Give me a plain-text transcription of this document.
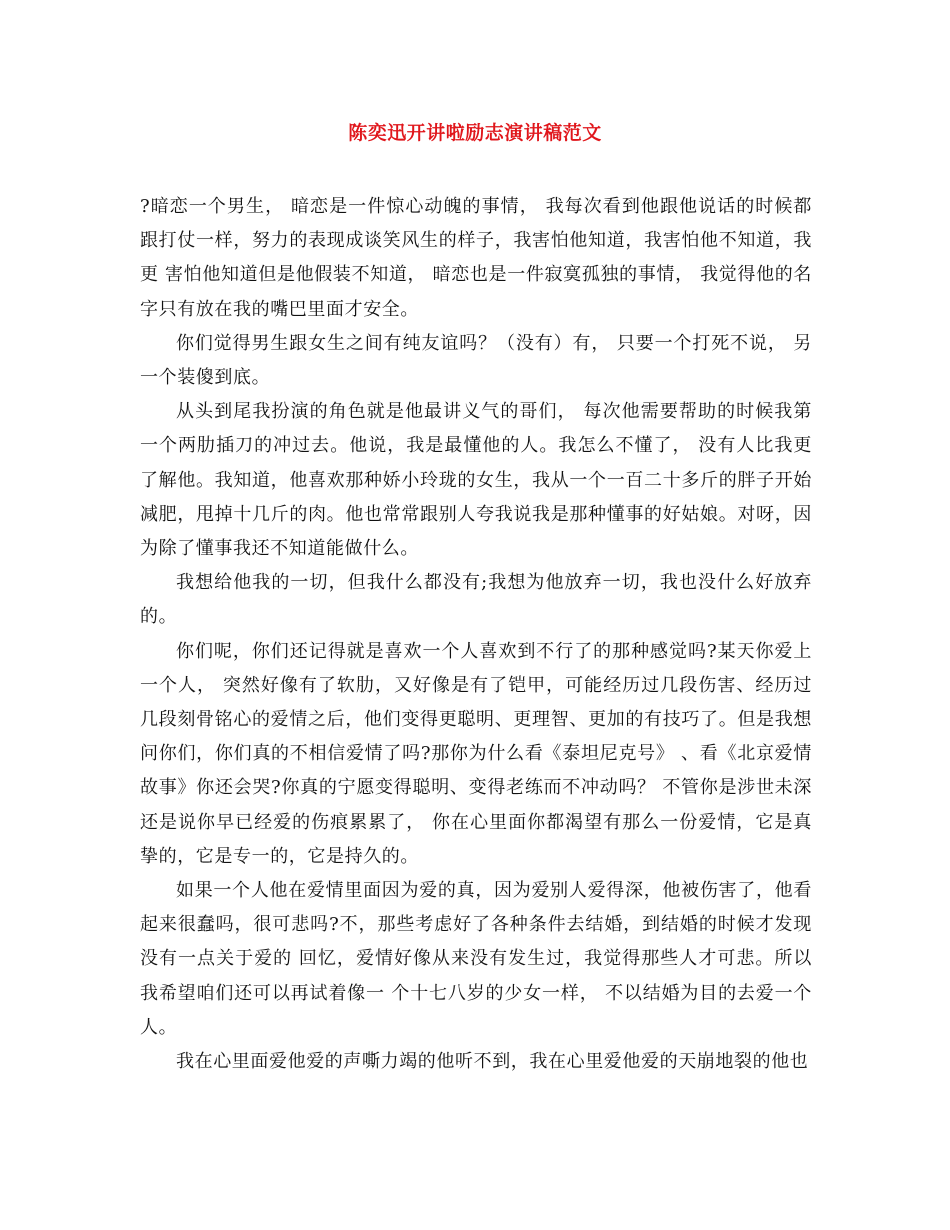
陈奕迅开讲啦励志演讲稿范文

?暗恋一个男生， 暗恋是一件惊心动魄的事情， 我每次看到他跟他说话的时候都跟打仗一样，努力的表现成谈笑风生的样子，我害怕他知道，我害怕他不知道，我更 害怕他知道但是他假装不知道， 暗恋也是一件寂寞孤独的事情， 我觉得他的名字只有放在我的嘴巴里面才安全。

你们觉得男生跟女生之间有纯友谊吗？（没有）有， 只要一个打死不说， 另一个装傻到底。

从头到尾我扮演的角色就是他最讲义气的哥们， 每次他需要帮助的时候我第一个两肋插刀的冲过去。他说，我是最懂他的人。我怎么不懂了， 没有人比我更了解他。我知道，他喜欢那种娇小玲珑的女生，我从一个一百二十多斤的胖子开始减肥，甩掉十几斤的肉。他也常常跟别人夸我说我是那种懂事的好姑娘。对呀，因为除了懂事我还不知道能做什么。

我想给他我的一切，但我什么都没有;我想为他放弃一切，我也没什么好放弃的。

你们呢，你们还记得就是喜欢一个人喜欢到不行了的那种感觉吗?某天你爱上一个人， 突然好像有了软肋，又好像是有了铠甲，可能经历过几段伤害、经历过几段刻骨铭心的爱情之后，他们变得更聪明、更理智、更加的有技巧了。但是我想问你们，你们真的不相信爱情了吗?那你为什么看《泰坦尼克号》 、看《北京爱情故事》你还会哭?你真的宁愿变得聪明、变得老练而不冲动吗？ 不管你是涉世未深还是说你早已经爱的伤痕累累了， 你在心里面你都渴望有那么一份爱情，它是真挚的，它是专一的，它是持久的。

如果一个人他在爱情里面因为爱的真，因为爱别人爱得深，他被伤害了，他看起来很蠢吗，很可悲吗?不，那些考虑好了各种条件去结婚，到结婚的时候才发现没有一点关于爱的 回忆，爱情好像从来没有发生过，我觉得那些人才可悲。所以我希望咱们还可以再试着像一 个十七八岁的少女一样， 不以结婚为目的去爱一个人。

我在心里面爱他爱的声嘶力竭的他听不到，我在心里爱他爱的天崩地裂的他也
